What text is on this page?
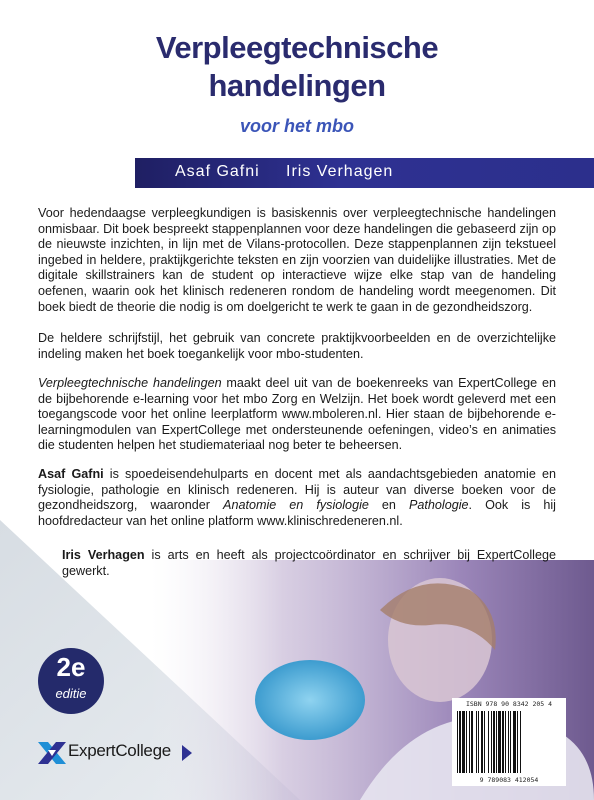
Verpleegtechnische
handelingen
voor het mbo
Asaf Gafni Iris Verhagen

Voor hedendaagse verpleegkundigen is basiskennis over verpleegtechnische handelingen onmisbaar. Dit boek bespreekt stappenplannen voor deze handelingen die gebaseerd zijn op de nieuwste inzichten, in lijn met de Vilans-protocollen. Deze stappenplannen zijn tekstueel ingebed in heldere, praktijkgerichte teksten en zijn voorzien van duidelijke illustraties. Met de digitale skillstrainers kan de student op interactieve wijze elke stap van de handeling oefenen, waarin ook het klinisch redeneren rondom de handeling wordt meegenomen. Dit boek biedt de theorie die nodig is om doelgericht te werk te gaan in de gezondheidszorg.

De heldere schrijfstijl, het gebruik van concrete praktijkvoorbeelden en de overzichtelijke indeling maken het boek toegankelijk voor mbo-studenten.

Verpleegtechnische handelingen maakt deel uit van de boekenreeks van ExpertCollege en de bijbehorende e-learning voor het mbo Zorg en Welzijn. Het boek wordt geleverd met een toegangscode voor het online leerplatform www.mboleren.nl. Hier staan de bijbehorende e-learningmodulen van ExpertCollege met ondersteunende oefeningen, video’s en animaties die studenten helpen het studiemateriaal nog beter te beheersen.

Asaf Gafni is spoedeisendehulparts en docent met als aandachtsgebieden anatomie en fysiologie, pathologie en klinisch redeneren. Hij is auteur van diverse boeken voor de gezondheidszorg, waaronder Anatomie en fysiologie en Pathologie. Ook is hij hoofdredacteur van het online platform www.klinischredeneren.nl.

Iris Verhagen is arts en heeft als projectcoördinator en schrijver bij ExpertCollege gewerkt.

2e
editie
ExpertCollege
ISBN 978 90 8342 205 4
9 789083 412054
